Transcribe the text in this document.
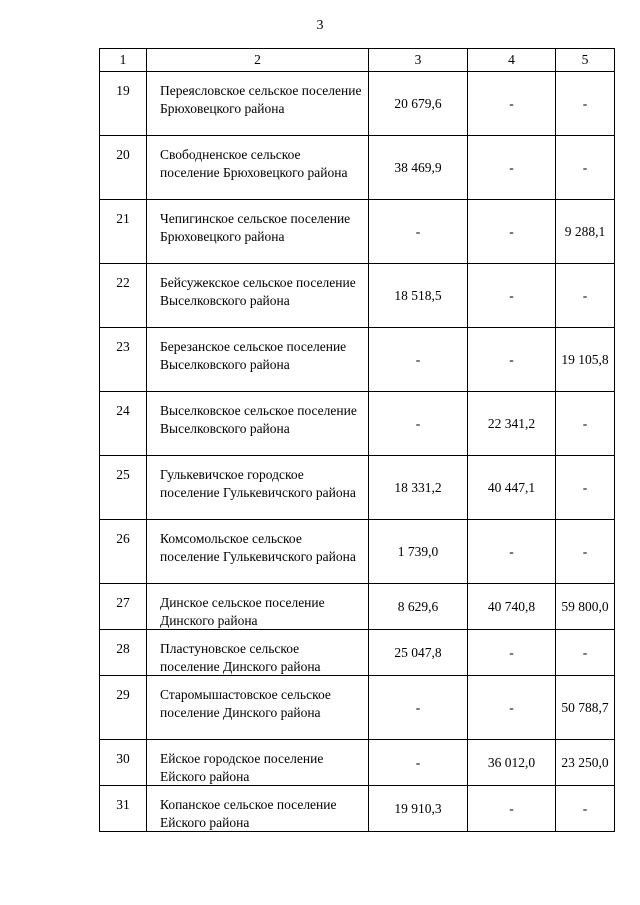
3
1	2	3	4	5
19	Переясловское сельское поселение Брюховецкого района	20 679,6	-	-
20	Свободненское сельское поселение Брюховецкого района	38 469,9	-	-
21	Чепигинское сельское поселение Брюховецкого района	-	-	9 288,1
22	Бейсужекское сельское поселение Выселковского района	18 518,5	-	-
23	Березанское сельское поселение Выселковского района	-	-	19 105,8
24	Выселковское сельское поселение Выселковского района	-	22 341,2	-
25	Гулькевичское городское поселение Гулькевичского района	18 331,2	40 447,1	-
26	Комсомольское сельское поселение Гулькевичского района	1 739,0	-	-
27	Динское сельское поселение Динского района	8 629,6	40 740,8	59 800,0
28	Пластуновское сельское поселение Динского района	25 047,8	-	-
29	Старомышастовское сельское поселение Динского района	-	-	50 788,7
30	Ейское городское поселение Ейского района	-	36 012,0	23 250,0
31	Копанское сельское поселение Ейского района	19 910,3	-	-
